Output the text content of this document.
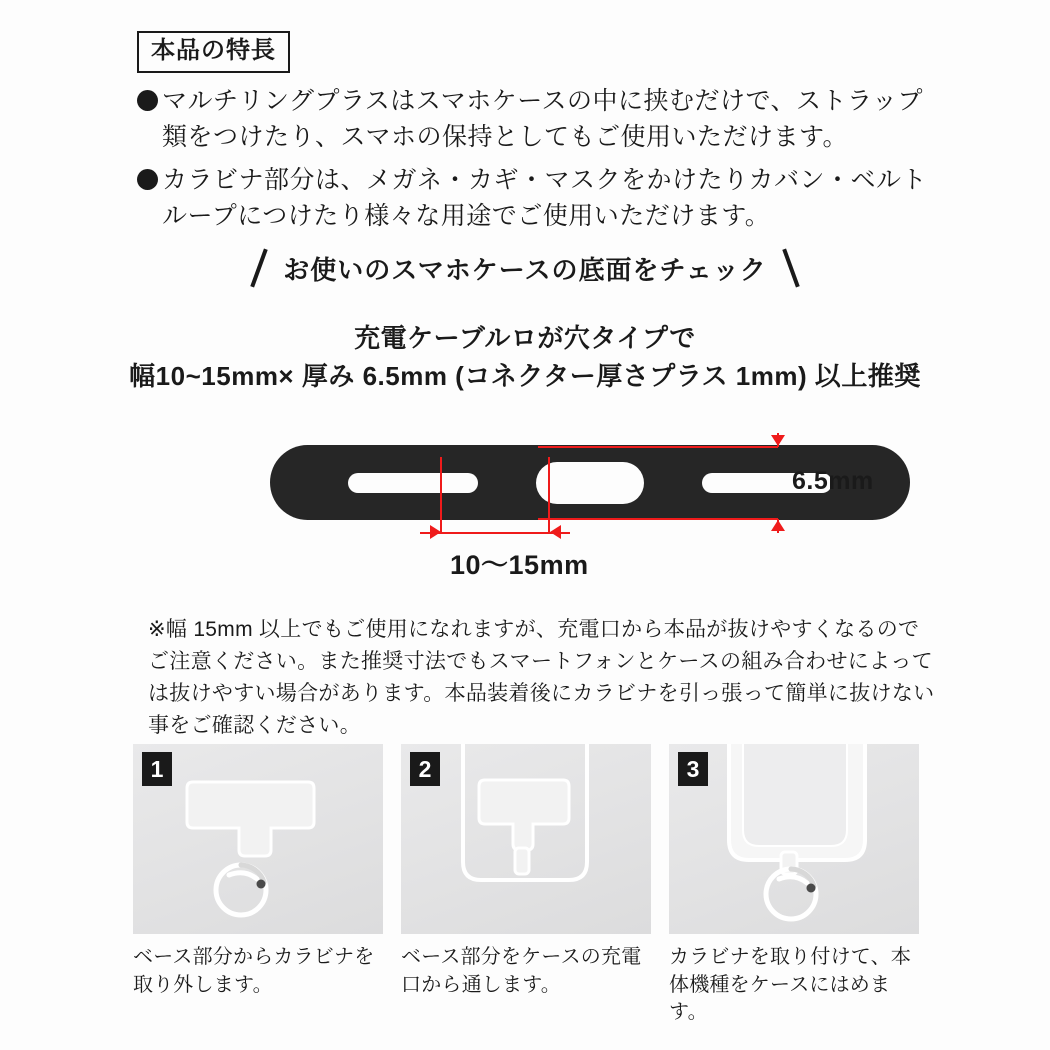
本品の特長
マルチリングプラスはスマホケースの中に挟むだけで、ストラップ類をつけたり、スマホの保持としてもご使用いただけます。
カラビナ部分は、メガネ・カギ・マスクをかけたりカバン・ベルトループにつけたり様々な用途でご使用いただけます。
お使いのスマホケースの底面をチェック
充電ケーブルロが穴タイプで
幅10~15mm× 厚み 6.5mm (コネクター厚さプラス 1mm) 以上推奨
6.5mm
10〜15mm
※幅 15mm 以上でもご使用になれますが、充電口から本品が抜けやすくなるのでご注意ください。また推奨寸法でもスマートフォンとケースの組み合わせによっては抜けやすい場合があります。本品装着後にカラビナを引っ張って簡単に抜けない事をご確認ください。
1
ベース部分からカラビナを取り外します。
2
ベース部分をケースの充電口から通します。
3
カラビナを取り付けて、本体機種をケースにはめます。
